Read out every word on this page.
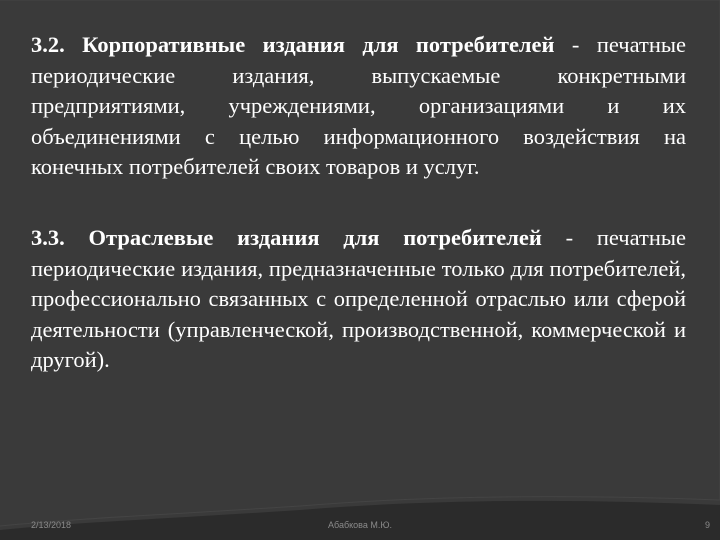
3.2. Корпоративные издания для потребителей - печатные периодические издания, выпускаемые конкретными предприятиями, учреждениями, организациями и их объединениями с целью информационного воздействия на конечных потребителей своих товаров и услуг.

3.3. Отраслевые издания для потребителей - печатные периодические издания, предназначенные только для потребителей, профессионально связанных с определенной отраслью или сферой деятельности (управленческой, производственной, коммерческой и другой).

2/13/2018	Абабкова М.Ю.	9
